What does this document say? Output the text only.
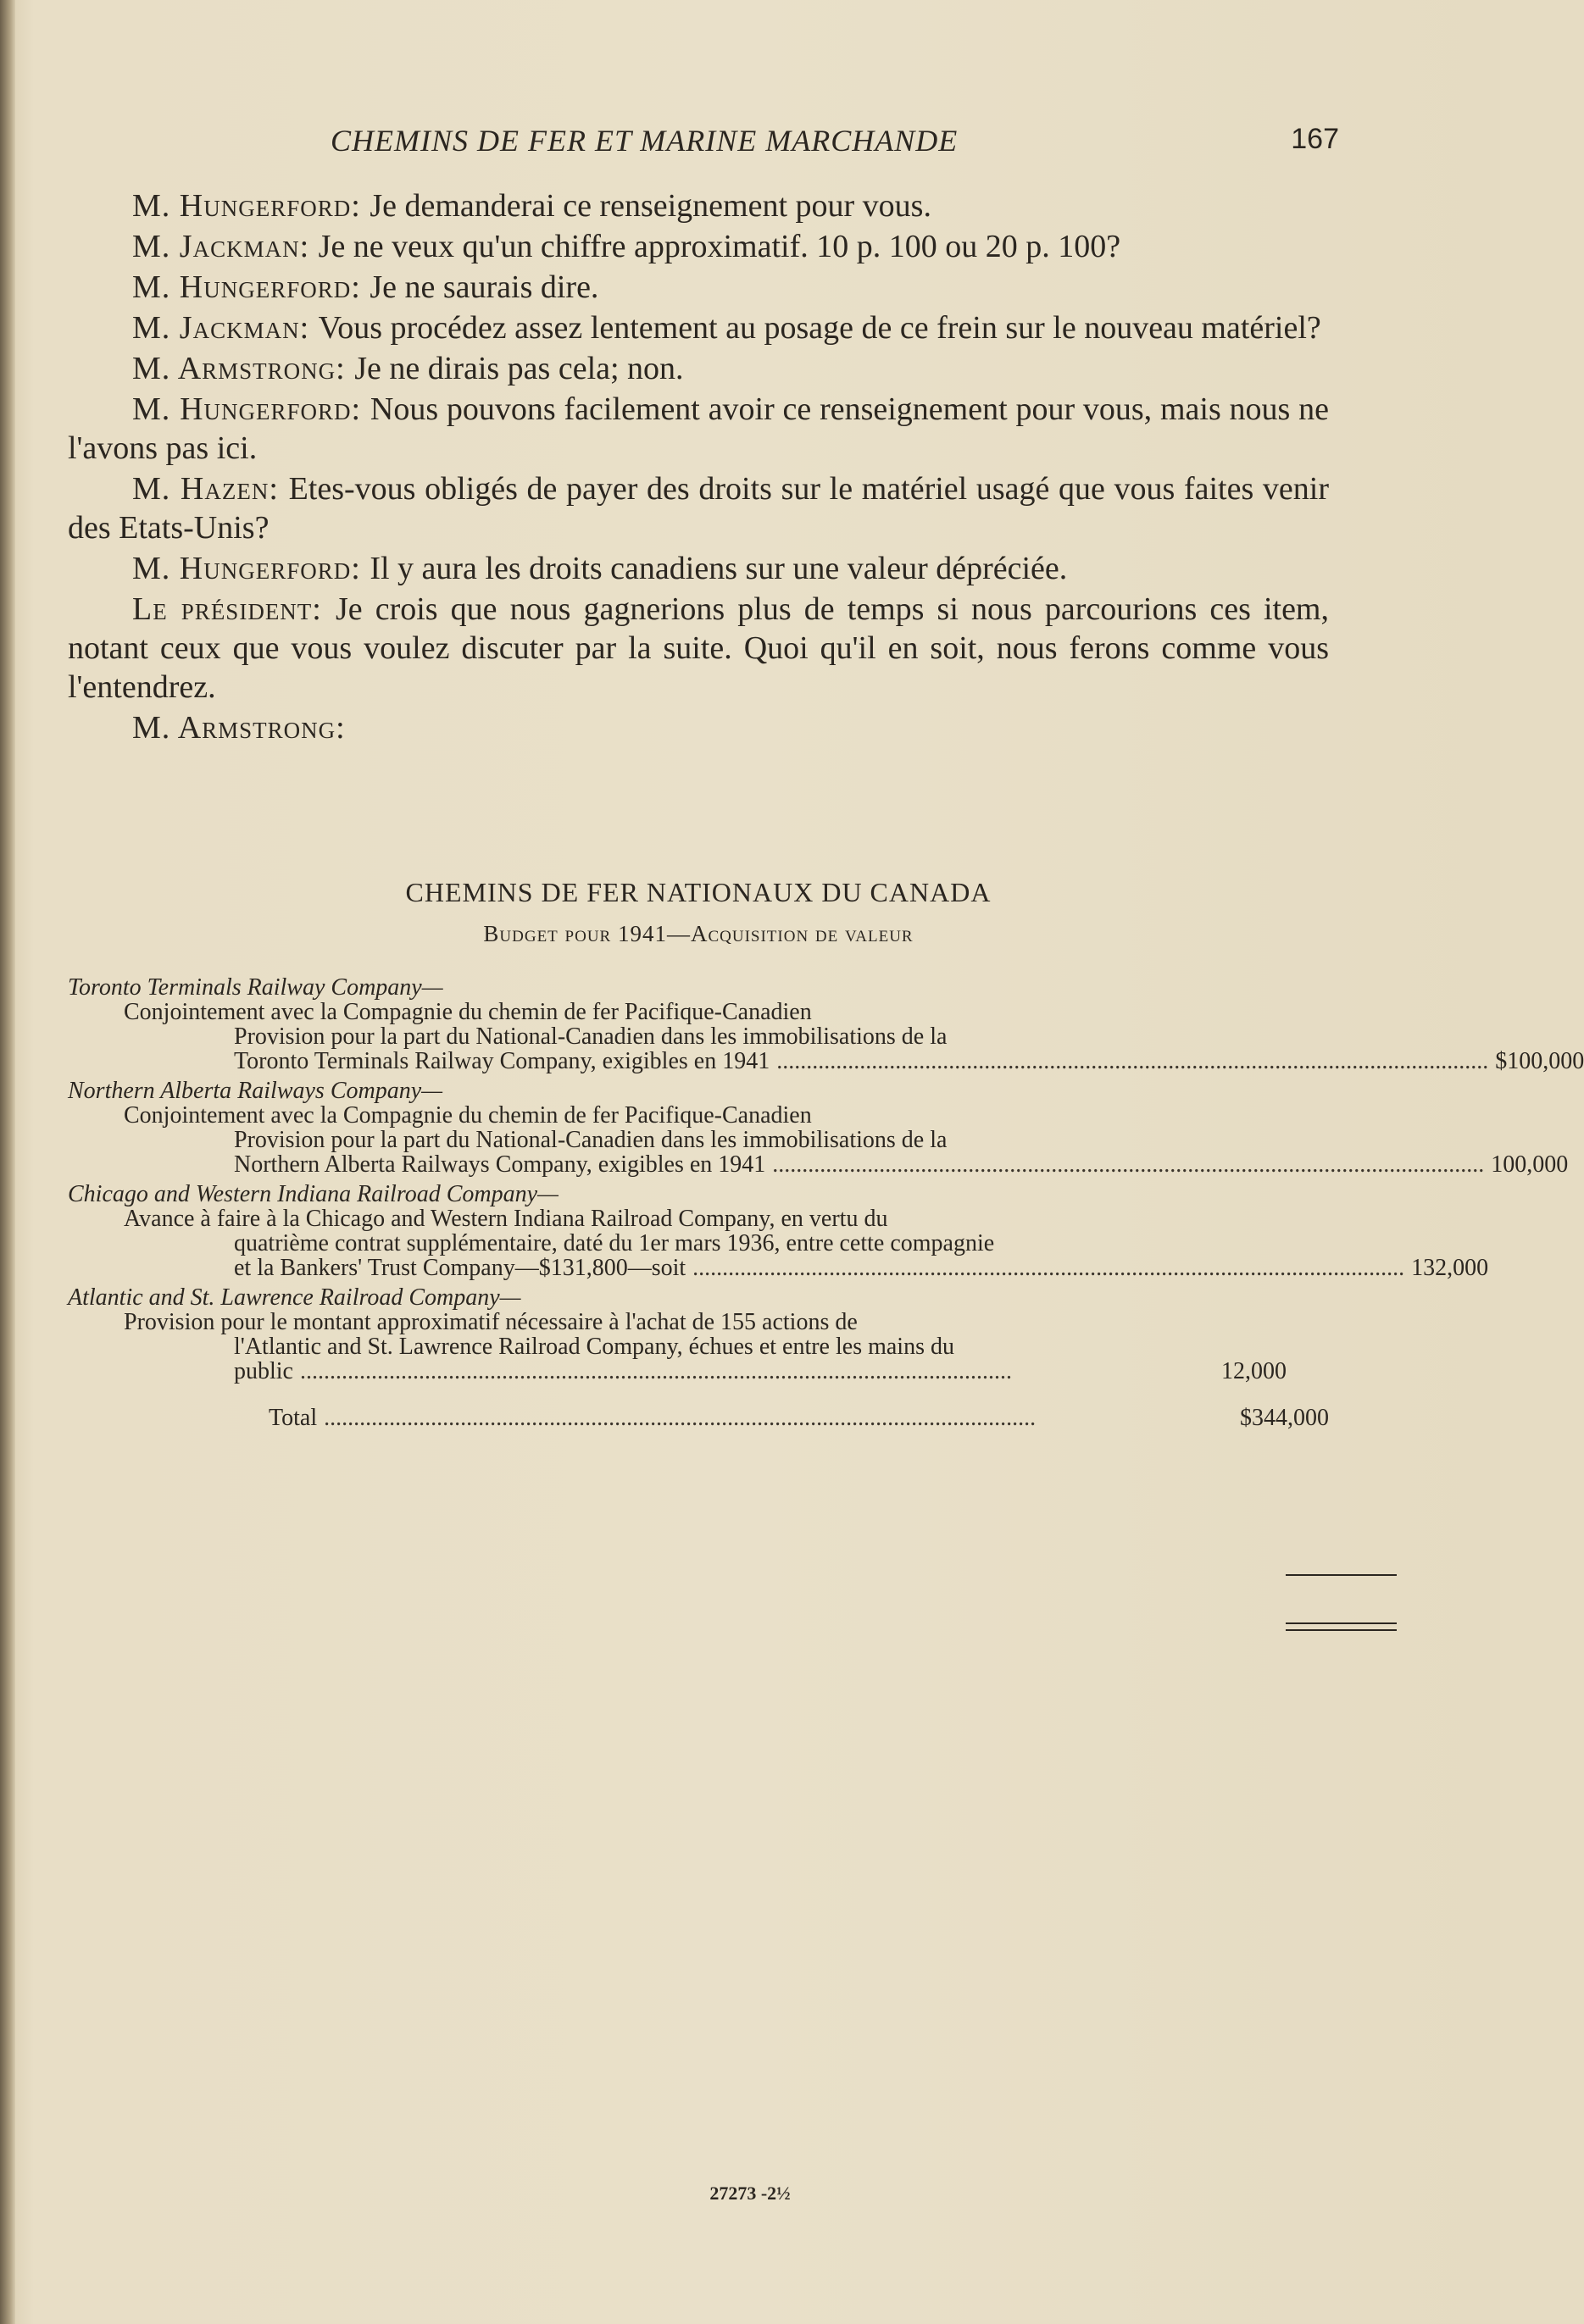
CHEMINS DE FER ET MARINE MARCHANDE	167

M. Hungerford: Je demanderai ce renseignement pour vous.

M. Jackman: Je ne veux qu'un chiffre approximatif. 10 p. 100 ou 20 p. 100?

M. Hungerford: Je ne saurais dire.

M. Jackman: Vous procédez assez lentement au posage de ce frein sur le nouveau matériel?

M. Armstrong: Je ne dirais pas cela; non.

M. Hungerford: Nous pouvons facilement avoir ce renseignement pour vous, mais nous ne l'avons pas ici.

M. Hazen: Etes-vous obligés de payer des droits sur le matériel usagé que vous faites venir des Etats-Unis?

M. Hungerford: Il y aura les droits canadiens sur une valeur dépréciée.

Le président: Je crois que nous gagnerions plus de temps si nous parcourions ces item, notant ceux que vous voulez discuter par la suite. Quoi qu'il en soit, nous ferons comme vous l'entendrez.

M. Armstrong:

CHEMINS DE FER NATIONAUX DU CANADA
Budget pour 1941—Acquisition de valeur
Toronto Terminals Railway Company—
Conjointement avec la Compagnie du chemin de fer Pacifique-Canadien
Provision pour la part du National-Canadien dans les immobilisations de la
Toronto Terminals Railway Company, exigibles en 1941 ........................................................................................................................ $100,000
Northern Alberta Railways Company—
Conjointement avec la Compagnie du chemin de fer Pacifique-Canadien
Provision pour la part du National-Canadien dans les immobilisations de la
Northern Alberta Railways Company, exigibles en 1941 ........................................................................................................................ 100,000
Chicago and Western Indiana Railroad Company—
Avance à faire à la Chicago and Western Indiana Railroad Company, en vertu du
quatrième contrat supplémentaire, daté du 1er mars 1936, entre cette compagnie
et la Bankers' Trust Company—$131,800—soit ........................................................................................................................ 132,000
Atlantic and St. Lawrence Railroad Company—
Provision pour le montant approximatif nécessaire à l'achat de 155 actions de
l'Atlantic and St. Lawrence Railroad Company, échues et entre les mains du
public ........................................................................................................................	12,000
Total ........................................................................................................................	$344,000
27273 -2½
